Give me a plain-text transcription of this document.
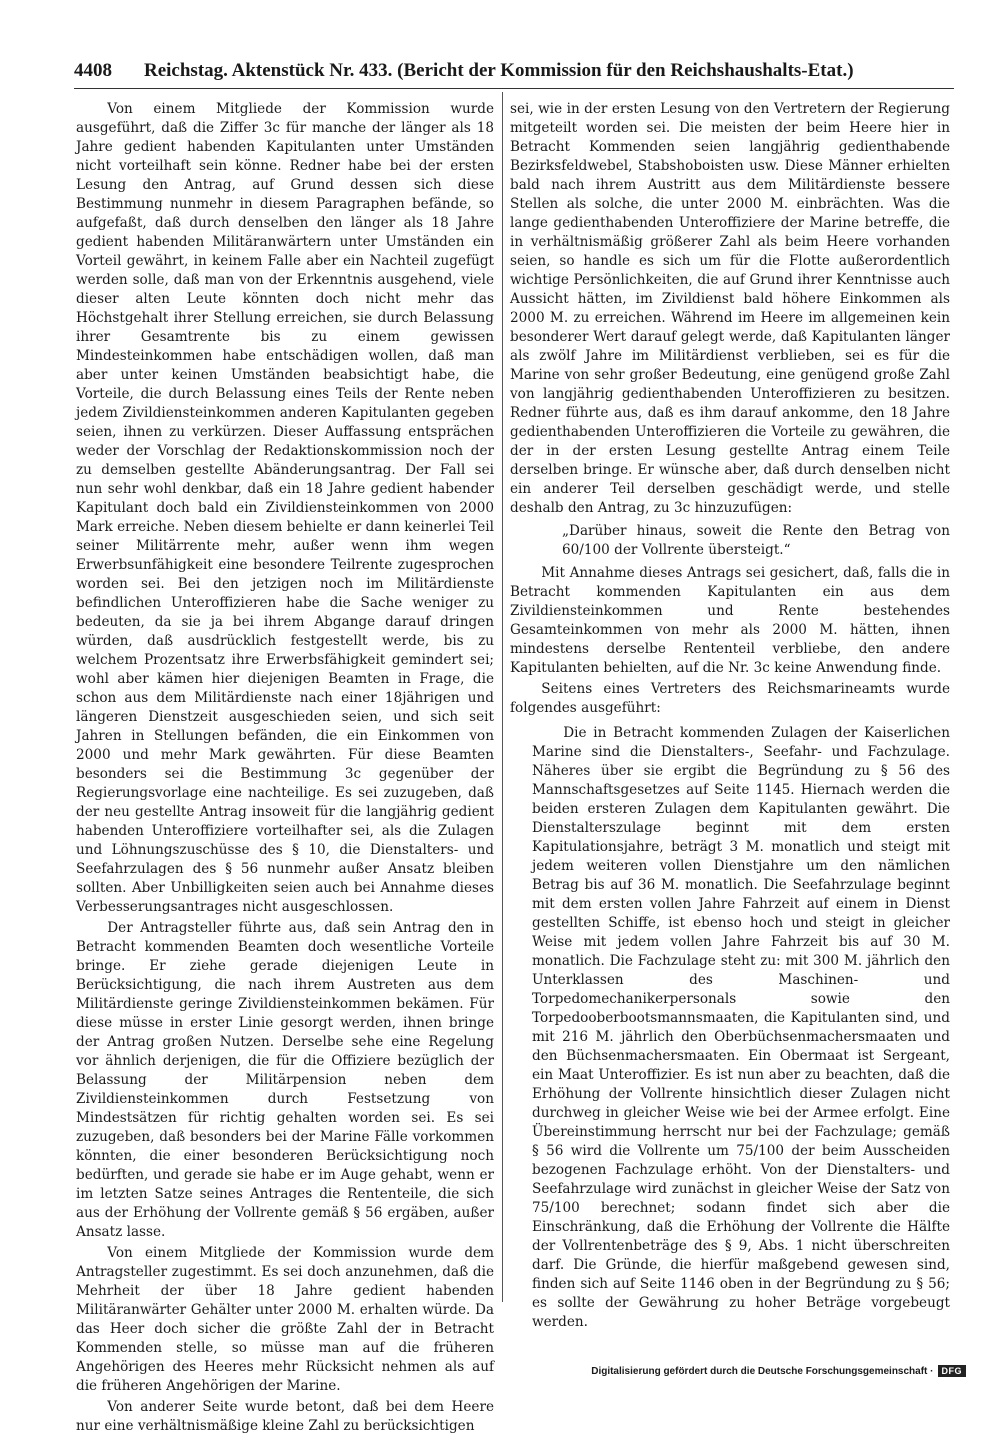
4408 Reichstag. Aktenstück Nr. 433. (Bericht der Kommission für den Reichshaushalts-Etat.)

Von einem Mitgliede der Kommission wurde ausgeführt, daß die Ziffer 3c für manche der länger als 18 Jahre gedient habenden Kapitulanten unter Umständen nicht vorteilhaft sein könne. Redner habe bei der ersten Lesung den Antrag, auf Grund dessen sich diese Bestimmung nunmehr in diesem Paragraphen befände, so aufgefaßt, daß durch denselben den länger als 18 Jahre gedient habenden Militäranwärtern unter Umständen ein Vorteil gewährt, in keinem Falle aber ein Nachteil zugefügt werden solle, daß man von der Erkenntnis ausgehend, viele dieser alten Leute könnten doch nicht mehr das Höchstgehalt ihrer Stellung erreichen, sie durch Belassung ihrer Gesamtrente bis zu einem gewissen Mindesteinkommen habe entschädigen wollen, daß man aber unter keinen Umständen beabsichtigt habe, die Vorteile, die durch Belassung eines Teils der Rente neben jedem Zivildiensteinkommen anderen Kapitulanten gegeben seien, ihnen zu verkürzen. Dieser Auffassung entsprächen weder der Vorschlag der Redaktionskommission noch der zu demselben gestellte Abänderungsantrag. Der Fall sei nun sehr wohl denkbar, daß ein 18 Jahre gedient habender Kapitulant doch bald ein Zivildiensteinkommen von 2000 Mark erreiche. Neben diesem behielte er dann keinerlei Teil seiner Militärrente mehr, außer wenn ihm wegen Erwerbsunfähigkeit eine besondere Teilrente zugesprochen worden sei. Bei den jetzigen noch im Militärdienste befindlichen Unteroffizieren habe die Sache weniger zu bedeuten, da sie ja bei ihrem Abgange darauf dringen würden, daß ausdrücklich festgestellt werde, bis zu welchem Prozentsatz ihre Erwerbsfähigkeit gemindert sei; wohl aber kämen hier diejenigen Beamten in Frage, die schon aus dem Militärdienste nach einer 18jährigen und längeren Dienstzeit ausgeschieden seien, und sich seit Jahren in Stellungen befänden, die ein Einkommen von 2000 und mehr Mark gewährten. Für diese Beamten besonders sei die Bestimmung 3c gegenüber der Regierungsvorlage eine nachteilige. Es sei zuzugeben, daß der neu gestellte Antrag insoweit für die langjährig gedient habenden Unteroffiziere vorteilhafter sei, als die Zulagen und Löhnungszuschüsse des § 10, die Dienstalters- und Seefahrzulagen des § 56 nunmehr außer Ansatz bleiben sollten. Aber Unbilligkeiten seien auch bei Annahme dieses Verbesserungsantrages nicht ausgeschlossen.

Der Antragsteller führte aus, daß sein Antrag den in Betracht kommenden Beamten doch wesentliche Vorteile bringe. Er ziehe gerade diejenigen Leute in Berücksichtigung, die nach ihrem Austreten aus dem Militärdienste geringe Zivildiensteinkommen bekämen. Für diese müsse in erster Linie gesorgt werden, ihnen bringe der Antrag großen Nutzen. Derselbe sehe eine Regelung vor ähnlich derjenigen, die für die Offiziere bezüglich der Belassung der Militärpension neben dem Zivildiensteinkommen durch Festsetzung von Mindestsätzen für richtig gehalten worden sei. Es sei zuzugeben, daß besonders bei der Marine Fälle vorkommen könnten, die einer besonderen Berücksichtigung noch bedürften, und gerade sie habe er im Auge gehabt, wenn er im letzten Satze seines Antrages die Rententeile, die sich aus der Erhöhung der Vollrente gemäß § 56 ergäben, außer Ansatz lasse.

Von einem Mitgliede der Kommission wurde dem Antragsteller zugestimmt. Es sei doch anzunehmen, daß die Mehrheit der über 18 Jahre gedient habenden Militäranwärter Gehälter unter 2000 M. erhalten würde. Da das Heer doch sicher die größte Zahl der in Betracht Kommenden stelle, so müsse man auf die früheren Angehörigen des Heeres mehr Rücksicht nehmen als auf die früheren Angehörigen der Marine.

Von anderer Seite wurde betont, daß bei dem Heere nur eine verhältnismäßige kleine Zahl zu berücksichtigen

sei, wie in der ersten Lesung von den Vertretern der Regierung mitgeteilt worden sei. Die meisten der beim Heere hier in Betracht Kommenden seien langjährig gedienthabende Bezirksfeldwebel, Stabshoboisten usw. Diese Männer erhielten bald nach ihrem Austritt aus dem Militärdienste bessere Stellen als solche, die unter 2000 M. einbrächten. Was die lange gedienthabenden Unteroffiziere der Marine betreffe, die in verhältnismäßig größerer Zahl als beim Heere vorhanden seien, so handle es sich um für die Flotte außerordentlich wichtige Persönlichkeiten, die auf Grund ihrer Kenntnisse auch Aussicht hätten, im Zivildienst bald höhere Einkommen als 2000 M. zu erreichen. Während im Heere im allgemeinen kein besonderer Wert darauf gelegt werde, daß Kapitulanten länger als zwölf Jahre im Militärdienst verblieben, sei es für die Marine von sehr großer Bedeutung, eine genügend große Zahl von langjährig gedienthabenden Unteroffizieren zu besitzen. Redner führte aus, daß es ihm darauf ankomme, den 18 Jahre gedienthabenden Unteroffizieren die Vorteile zu gewähren, die der in der ersten Lesung gestellte Antrag einem Teile derselben bringe. Er wünsche aber, daß durch denselben nicht ein anderer Teil derselben geschädigt werde, und stelle deshalb den Antrag, zu 3c hinzuzufügen:

„Darüber hinaus, soweit die Rente den Betrag von 60/100 der Vollrente übersteigt.“

Mit Annahme dieses Antrags sei gesichert, daß, falls die in Betracht kommenden Kapitulanten ein aus dem Zivildiensteinkommen und Rente bestehendes Gesamteinkommen von mehr als 2000 M. hätten, ihnen mindestens derselbe Rententeil verbliebe, den andere Kapitulanten behielten, auf die Nr. 3c keine Anwendung finde.

Seitens eines Vertreters des Reichsmarineamts wurde folgendes ausgeführt:

Die in Betracht kommenden Zulagen der Kaiserlichen Marine sind die Dienstalters-, Seefahr- und Fachzulage. Näheres über sie ergibt die Begründung zu § 56 des Mannschaftsgesetzes auf Seite 1145. Hiernach werden die beiden ersteren Zulagen dem Kapitulanten gewährt. Die Dienstalterszulage beginnt mit dem ersten Kapitulationsjahre, beträgt 3 M. monatlich und steigt mit jedem weiteren vollen Dienstjahre um den nämlichen Betrag bis auf 36 M. monatlich. Die Seefahrzulage beginnt mit dem ersten vollen Jahre Fahrzeit auf einem in Dienst gestellten Schiffe, ist ebenso hoch und steigt in gleicher Weise mit jedem vollen Jahre Fahrzeit bis auf 30 M. monatlich. Die Fachzulage steht zu: mit 300 M. jährlich den Unterklassen des Maschinen- und Torpedomechanikerpersonals sowie den Torpedooberbootsmannsmaaten, die Kapitulanten sind, und mit 216 M. jährlich den Oberbüchsenmachersmaaten und den Büchsenmachersmaaten. Ein Obermaat ist Sergeant, ein Maat Unteroffizier. Es ist nun aber zu beachten, daß die Erhöhung der Vollrente hinsichtlich dieser Zulagen nicht durchweg in gleicher Weise wie bei der Armee erfolgt. Eine Übereinstimmung herrscht nur bei der Fachzulage; gemäß § 56 wird die Vollrente um 75/100 der beim Ausscheiden bezogenen Fachzulage erhöht. Von der Dienstalters- und Seefahrzulage wird zunächst in gleicher Weise der Satz von 75/100 berechnet; sodann findet sich aber die Einschränkung, daß die Erhöhung der Vollrente die Hälfte der Vollrentenbeträge des § 9, Abs. 1 nicht überschreiten darf. Die Gründe, die hierfür maßgebend gewesen sind, finden sich auf Seite 1146 oben in der Begründung zu § 56; es sollte der Gewährung zu hoher Beträge vorgebeugt werden.

Digitalisierung gefördert durch die Deutsche Forschungsgemeinschaft · DFG
